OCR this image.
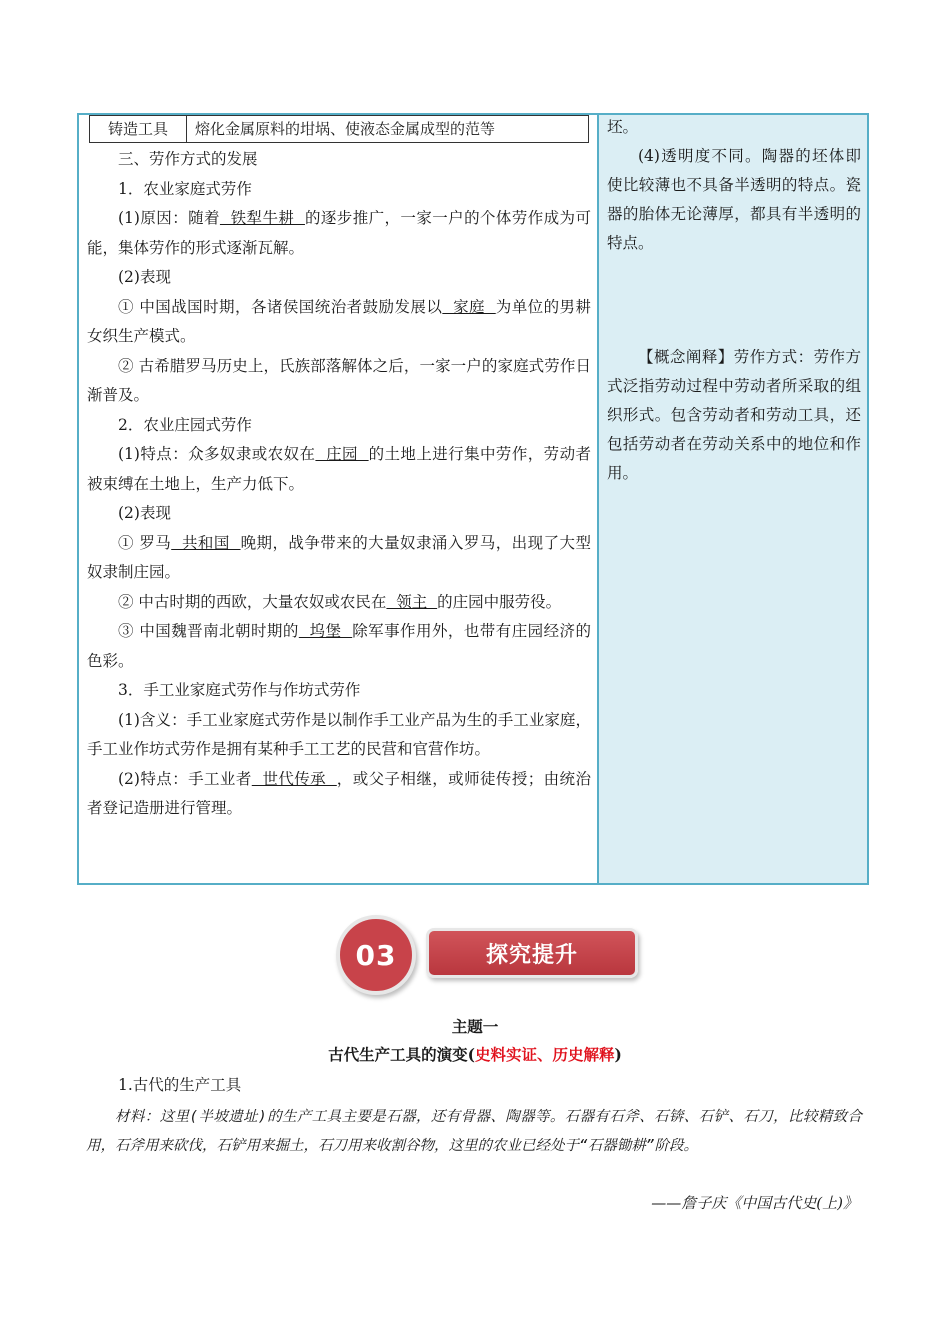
铸造工具	熔化金属原料的坩埚、使液态金属成型的范等

三、劳作方式的发展

1．农业家庭式劳作

(1)原因：随着  铁犁牛耕  的逐步推广，一家一户的个体劳作成为可能，集体劳作的形式逐渐瓦解。

(2)表现

① 中国战国时期，各诸侯国统治者鼓励发展以  家庭  为单位的男耕女织生产模式。

② 古希腊罗马历史上，氏族部落解体之后，一家一户的家庭式劳作日渐普及。

2．农业庄园式劳作

(1)特点：众多奴隶或农奴在  庄园  的土地上进行集中劳作，劳动者被束缚在土地上，生产力低下。

(2)表现

① 罗马  共和国  晚期，战争带来的大量奴隶涌入罗马，出现了大型奴隶制庄园。

② 中古时期的西欧，大量农奴或农民在  领主  的庄园中服劳役。

③ 中国魏晋南北朝时期的  坞堡  除军事作用外，也带有庄园经济的色彩。

3．手工业家庭式劳作与作坊式劳作

(1)含义：手工业家庭式劳作是以制作手工业产品为生的手工业家庭，手工业作坊式劳作是拥有某种手工工艺的民营和官营作坊。

(2)特点：手工业者  世代传承  ，或父子相继，或师徒传授；由统治者登记造册进行管理。

坯。

(4)透明度不同。陶器的坯体即使比较薄也不具备半透明的特点。瓷器的胎体无论薄厚，都具有半透明的特点。

【概念阐释】劳作方式：劳作方式泛指劳动过程中劳动者所采取的组织形式。包含劳动者和劳动工具，还包括劳动者在劳动关系中的地位和作用。

03	探究提升
主题一
古代生产工具的演变(史料实证、历史解释)
1.古代的生产工具
材料：这里(半坡遗址)的生产工具主要是石器，还有骨器、陶器等。石器有石斧、石锛、石铲、石刀，比较精致合用，石斧用来砍伐，石铲用来掘土，石刀用来收割谷物，这里的农业已经处于“石器锄耕”阶段。
——詹子庆《中国古代史(上)》
